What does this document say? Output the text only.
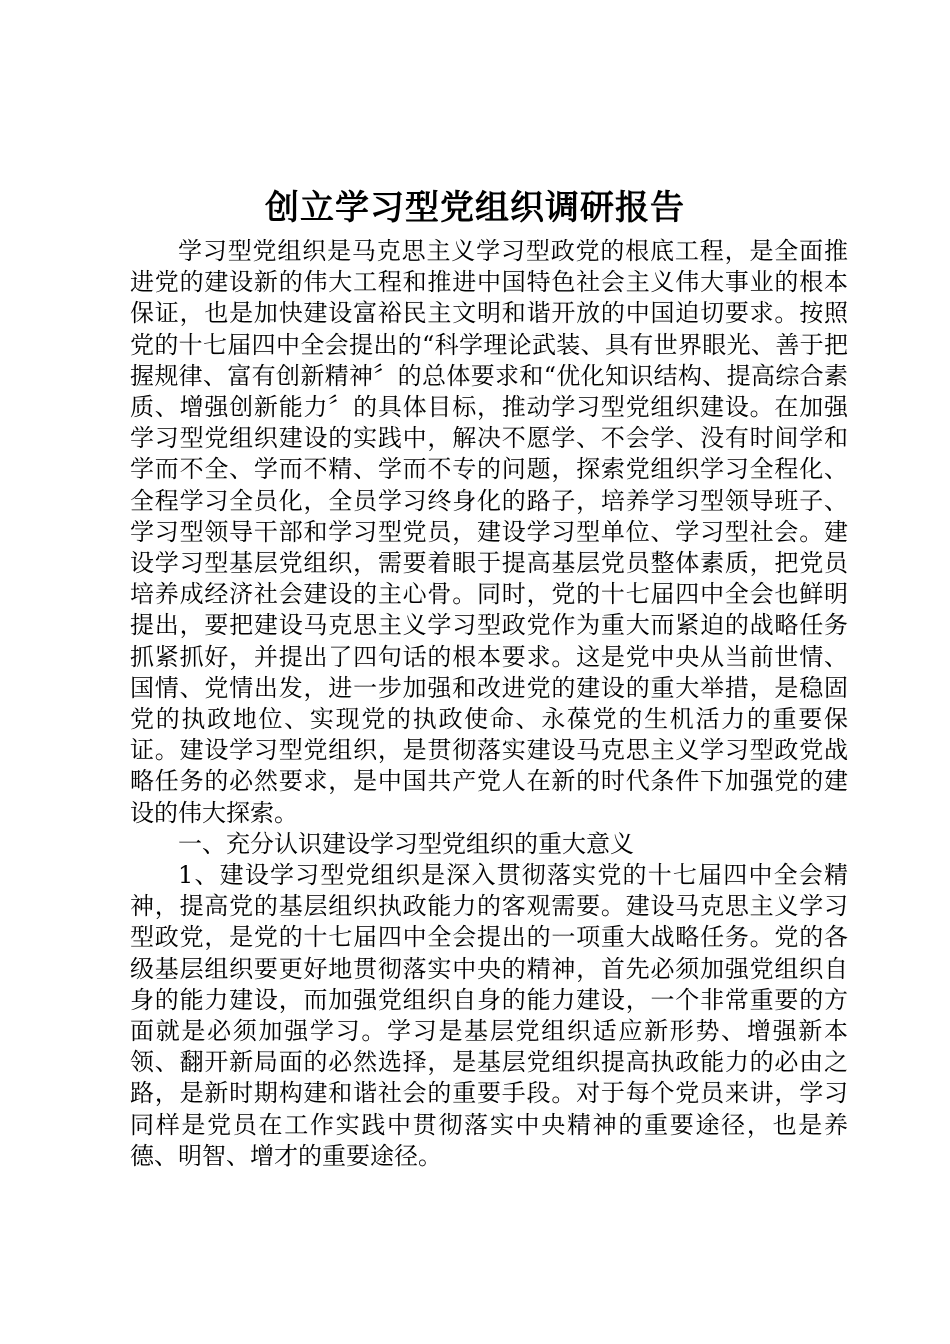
创立学习型党组织调研报告

学习型党组织是马克思主义学习型政党的根底工程，是全面推进党的建设新的伟大工程和推进中国特色社会主义伟大事业的根本保证，也是加快建设富裕民主文明和谐开放的中国迫切要求。按照党的十七届四中全会提出的“科学理论武装、具有世界眼光、善于把握规律、富有创新精神〞的总体要求和“优化知识结构、提高综合素质、增强创新能力〞的具体目标，推动学习型党组织建设。在加强学习型党组织建设的实践中，解决不愿学、不会学、没有时间学和学而不全、学而不精、学而不专的问题，探索党组织学习全程化、全程学习全员化，全员学习终身化的路子，培养学习型领导班子、学习型领导干部和学习型党员，建设学习型单位、学习型社会。建设学习型基层党组织，需要着眼于提高基层党员整体素质，把党员培养成经济社会建设的主心骨。同时，党的十七届四中全会也鲜明提出，要把建设马克思主义学习型政党作为重大而紧迫的战略任务抓紧抓好，并提出了四句话的根本要求。这是党中央从当前世情、国情、党情出发，进一步加强和改进党的建设的重大举措，是稳固党的执政地位、实现党的执政使命、永葆党的生机活力的重要保证。建设学习型党组织，是贯彻落实建设马克思主义学习型政党战略任务的必然要求，是中国共产党人在新的时代条件下加强党的建设的伟大探索。

一、充分认识建设学习型党组织的重大意义

1、建设学习型党组织是深入贯彻落实党的十七届四中全会精神，提高党的基层组织执政能力的客观需要。建设马克思主义学习型政党，是党的十七届四中全会提出的一项重大战略任务。党的各级基层组织要更好地贯彻落实中央的精神，首先必须加强党组织自身的能力建设，而加强党组织自身的能力建设，一个非常重要的方面就是必须加强学习。学习是基层党组织适应新形势、增强新本领、翻开新局面的必然选择，是基层党组织提高执政能力的必由之路，是新时期构建和谐社会的重要手段。对于每个党员来讲，学习同样是党员在工作实践中贯彻落实中央精神的重要途径，也是养德、明智、增才的重要途径。
